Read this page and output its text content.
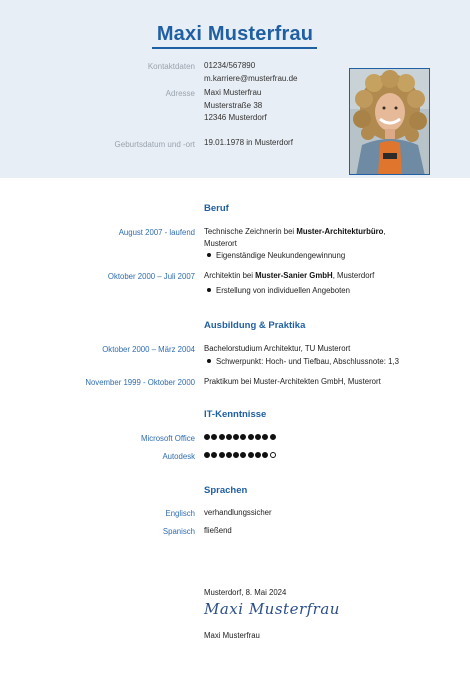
Maxi Musterfrau
Kontaktdaten 01234/567890
m.karriere@musterfrau.de
Adresse Maxi Musterfrau
Musterstraße 38
12346 Musterdorf
Geburtsdatum und -ort 19.01.1978 in Musterdorf
Beruf
August 2007 - laufend Technische Zeichnerin bei Muster-Architekturbüro,
Musterort
Eigenständige Neukundengewinnung
Oktober 2000 – Juli 2007 Architektin bei Muster-Sanier GmbH, Musterdorf
Erstellung von individuellen Angeboten
Ausbildung & Praktika
Oktober 2000 – März 2004 Bachelorstudium Architektur, TU Musterort
Schwerpunkt: Hoch- und Tiefbau, Abschlussnote: 1,3
November 1999 - Oktober 2000 Praktikum bei Muster-Architekten GmbH, Musterort
IT-Kenntnisse
Microsoft Office
Autodesk
Sprachen
Englisch verhandlungssicher
Spanisch fließend
Musterdorf, 8. Mai 2024
Maxi Musterfrau
Maxi Musterfrau
